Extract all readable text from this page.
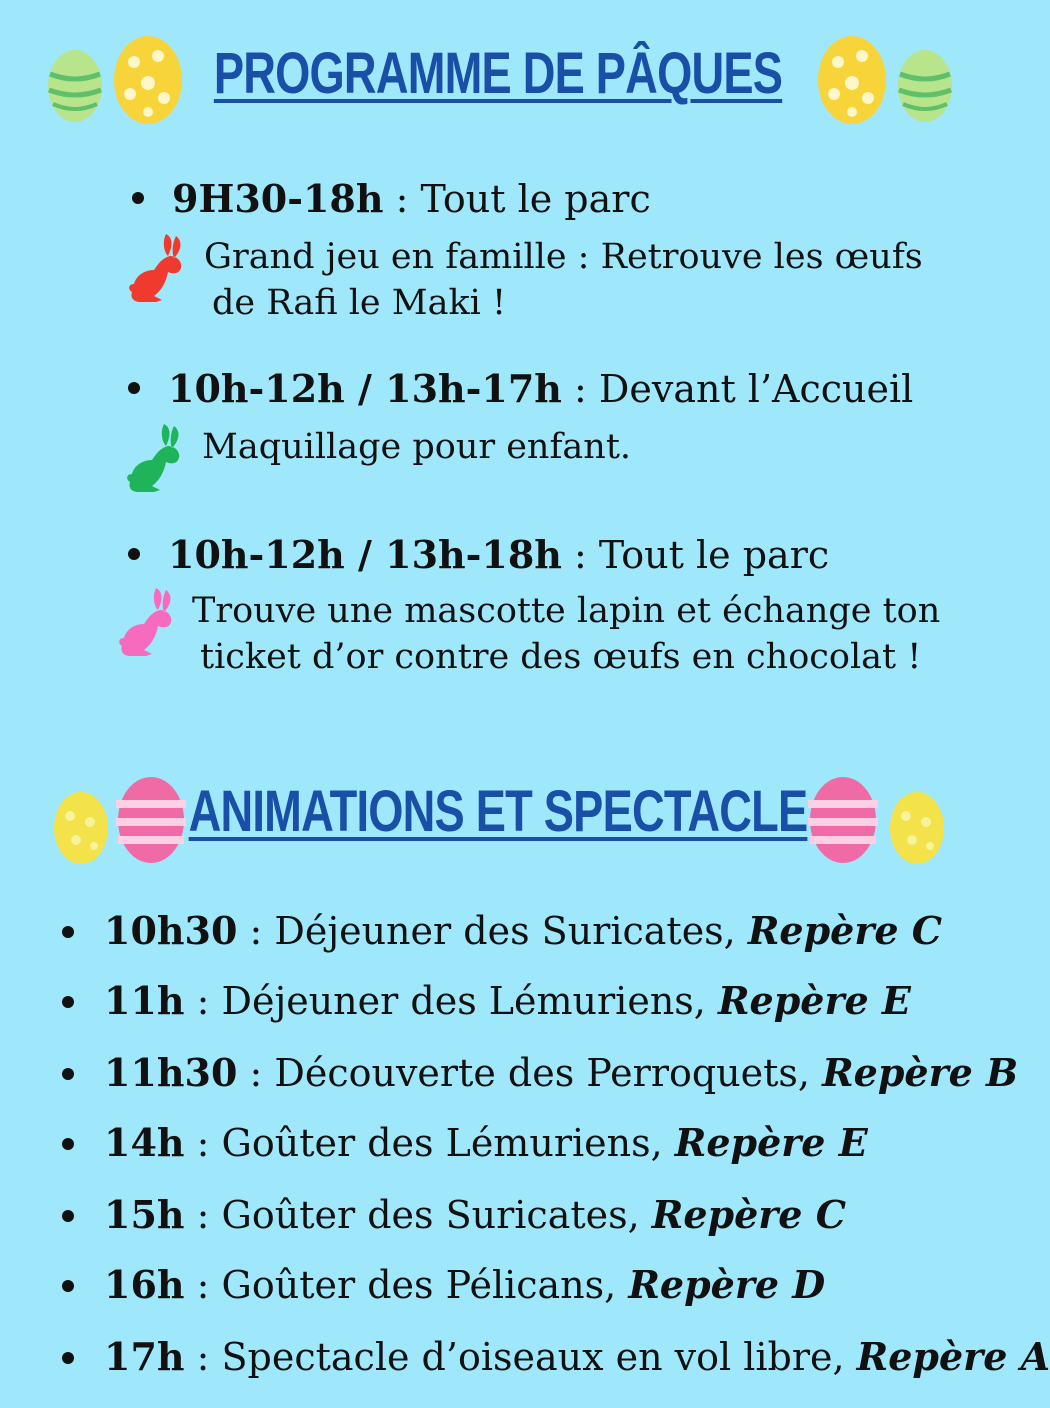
PROGRAMME DE PÂQUES
9H30-18h : Tout le parc
Grand jeu en famille : Retrouve les œufs
de Rafi le Maki !
10h-12h / 13h-17h : Devant l’Accueil
Maquillage pour enfant.
10h-12h / 13h-18h : Tout le parc
Trouve une mascotte lapin et échange ton
ticket d’or contre des œufs en chocolat !
ANIMATIONS ET SPECTACLE
10h30 : Déjeuner des Suricates, Repère C
11h : Déjeuner des Lémuriens, Repère E
11h30 : Découverte des Perroquets, Repère B
14h : Goûter des Lémuriens, Repère E
15h : Goûter des Suricates, Repère C
16h : Goûter des Pélicans, Repère D
17h : Spectacle d’oiseaux en vol libre, Repère A
